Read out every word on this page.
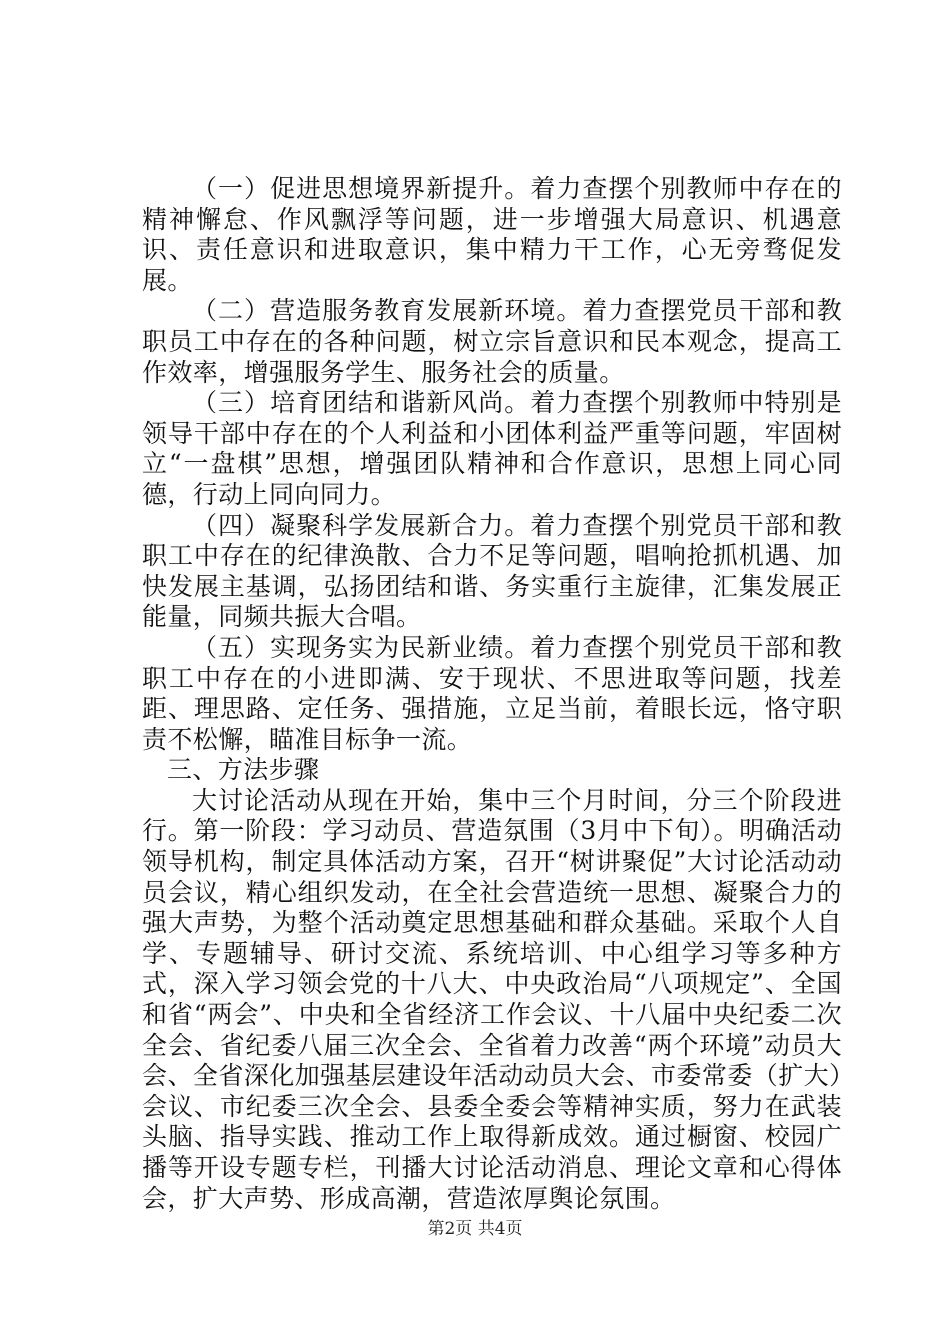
（一）促进思想境界新提升。着力查摆个别教师中存在的精神懈怠、作风飘浮等问题，进一步增强大局意识、机遇意识、责任意识和进取意识，集中精力干工作，心无旁骛促发展。

（二）营造服务教育发展新环境。着力查摆党员干部和教职员工中存在的各种问题，树立宗旨意识和民本观念，提高工作效率，增强服务学生、服务社会的质量。

（三）培育团结和谐新风尚。着力查摆个别教师中特别是领导干部中存在的个人利益和小团体利益严重等问题，牢固树立“一盘棋”思想，增强团队精神和合作意识，思想上同心同德，行动上同向同力。

（四）凝聚科学发展新合力。着力查摆个别党员干部和教职工中存在的纪律涣散、合力不足等问题，唱响抢抓机遇、加快发展主基调，弘扬团结和谐、务实重行主旋律，汇集发展正能量，同频共振大合唱。

（五）实现务实为民新业绩。着力查摆个别党员干部和教职工中存在的小进即满、安于现状、不思进取等问题，找差距、理思路、定任务、强措施，立足当前，着眼长远，恪守职责不松懈，瞄准目标争一流。

三、方法步骤

大讨论活动从现在开始，集中三个月时间，分三个阶段进行。第一阶段：学习动员、营造氛围（3月中下旬）。明确活动领导机构，制定具体活动方案，召开“树讲聚促”大讨论活动动员会议，精心组织发动，在全社会营造统一思想、凝聚合力的强大声势，为整个活动奠定思想基础和群众基础。采取个人自学、专题辅导、研讨交流、系统培训、中心组学习等多种方式，深入学习领会党的十八大、中央政治局“八项规定”、全国和省“两会”、中央和全省经济工作会议、十八届中央纪委二次全会、省纪委八届三次全会、全省着力改善“两个环境”动员大会、全省深化加强基层建设年活动动员大会、市委常委（扩大）会议、市纪委三次全会、县委全委会等精神实质，努力在武装头脑、指导实践、推动工作上取得新成效。通过橱窗、校园广播等开设专题专栏，刊播大讨论活动消息、理论文章和心得体会，扩大声势、形成高潮，营造浓厚舆论氛围。

第2页 共4页
